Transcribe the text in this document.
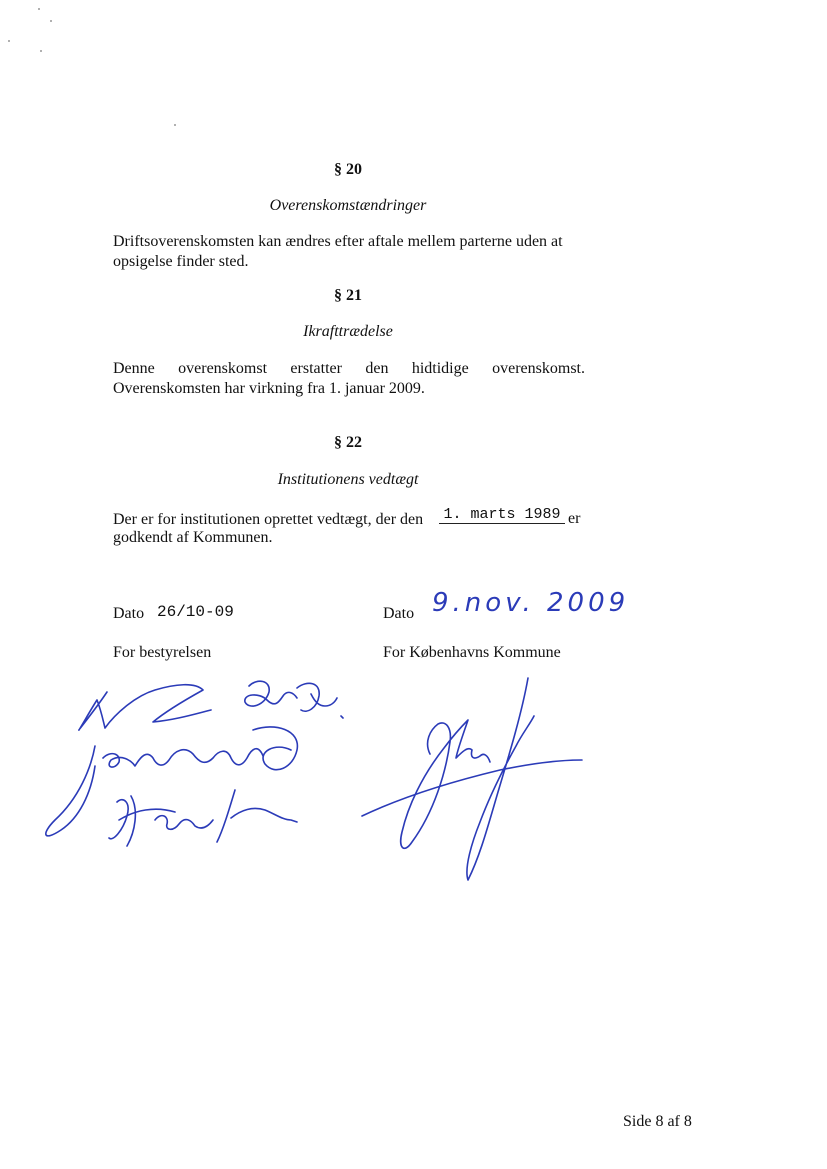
§ 20
Overenskomstændringer

Driftsoverenskomsten kan ændres efter aftale mellem parterne uden at opsigelse finder sted.

§ 21
Ikrafttrædelse

Denne overenskomst erstatter den hidtidige overenskomst.

Overenskomsten har virkning fra 1. januar 2009.

§ 22
Institutionens vedtægt
Der er for institutionen oprettet vedtægt, der den 1. marts 1989 er
godkendt af Kommunen.
Dato 26/10-09
For bestyrelsen
Dato 9.nov. 2009
For Københavns Kommune
Side 8 af 8
